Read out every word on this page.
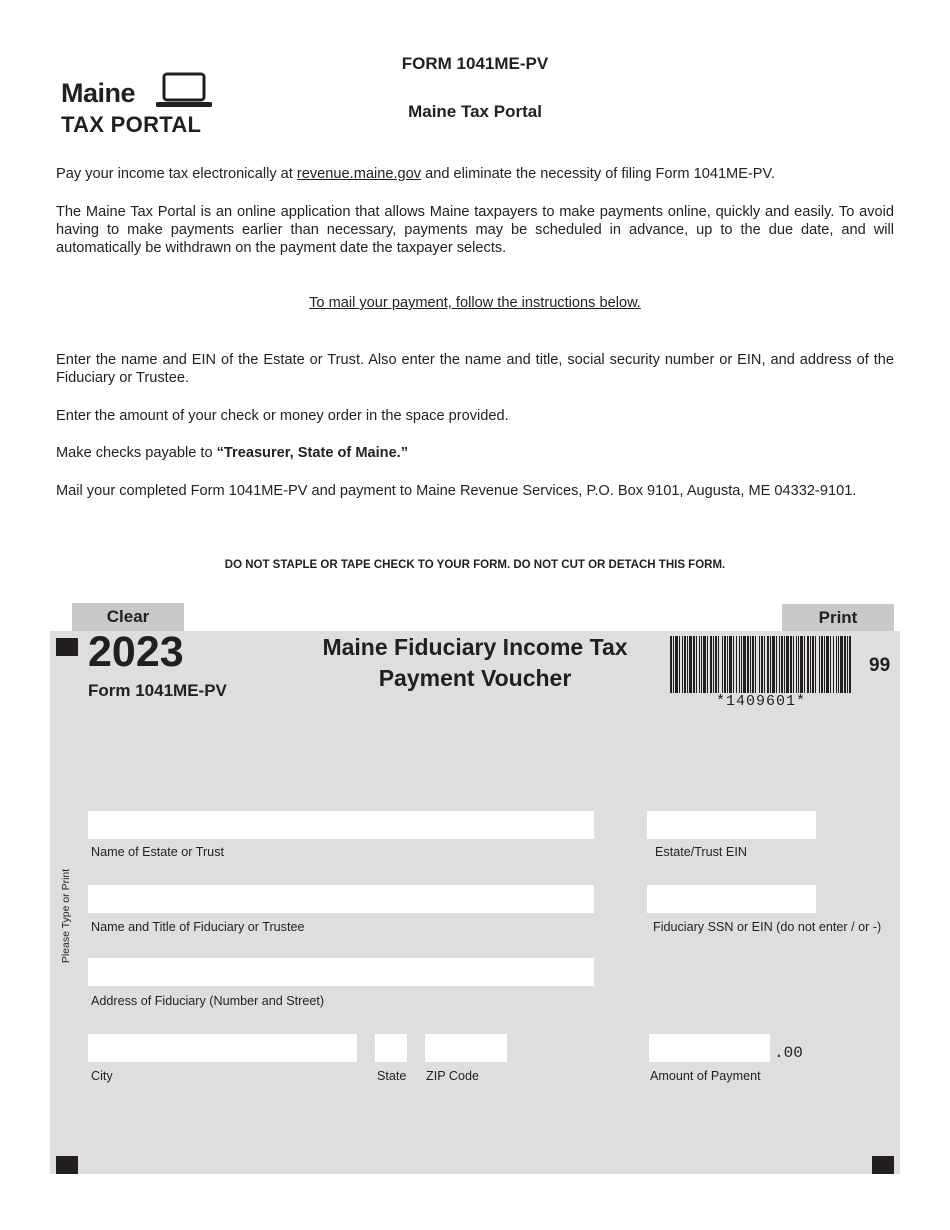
FORM 1041ME-PV
Maine Tax Portal
Maine
TAX PORTAL
Pay your income tax electronically at revenue.maine.gov and eliminate the necessity of filing Form 1041ME-PV.
The Maine Tax Portal is an online application that allows Maine taxpayers to make payments online, quickly and easily. To avoid having to make payments earlier than necessary, payments may be scheduled in advance, up to the due date, and will automatically be withdrawn on the payment date the taxpayer selects.
To mail your payment, follow the instructions below.
Enter the name and EIN of the Estate or Trust. Also enter the name and title, social security number or EIN, and address of the Fiduciary or Trustee.
Enter the amount of your check or money order in the space provided.
Make checks payable to “Treasurer, State of Maine.”
Mail your completed Form 1041ME-PV and payment to Maine Revenue Services, P.O. Box 9101, Augusta, ME 04332-9101.
DO NOT STAPLE OR TAPE CHECK TO YOUR FORM. DO NOT CUT OR DETACH THIS FORM.
Clear	Print
2023
Form 1041ME-PV
Maine Fiduciary Income Tax
Payment Voucher
*1409601*
99
Please Type or Print
Name of Estate or Trust	Estate/Trust EIN
Name and Title of Fiduciary or Trustee	Fiduciary SSN or EIN (do not enter / or -)
Address of Fiduciary (Number and Street)
City	State ZIP Code
.00
Amount of Payment
